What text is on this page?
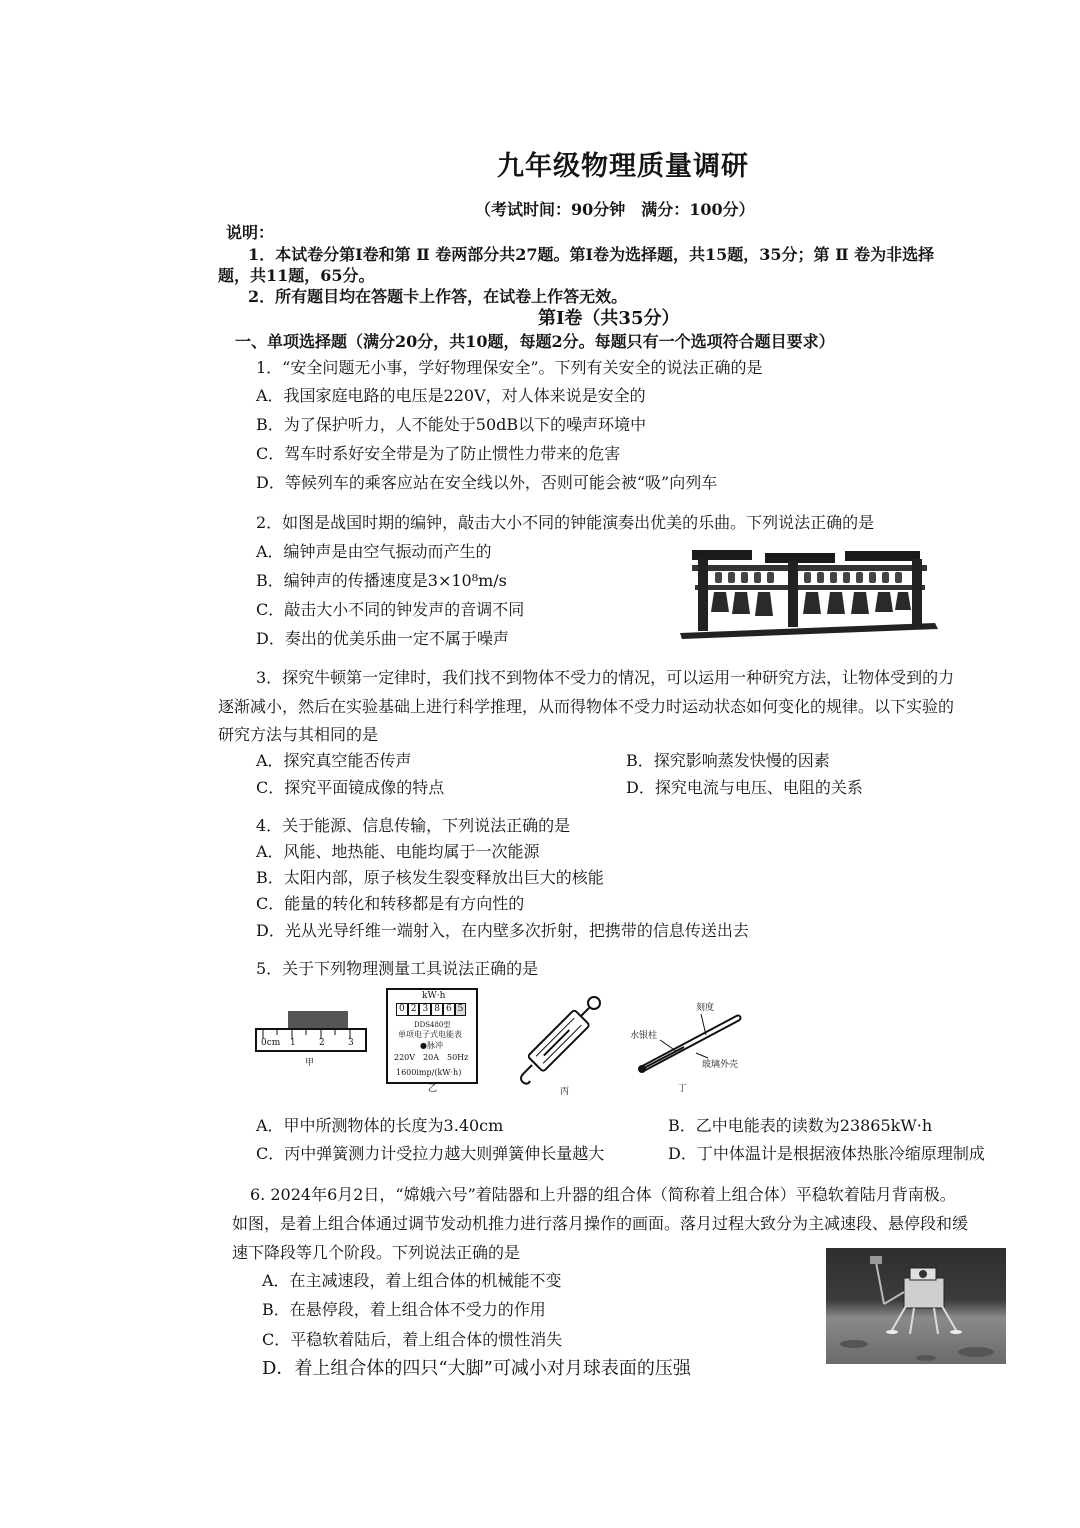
九年级物理质量调研
（考试时间：90分钟　满分：100分）
说明：
1．本试卷分第Ⅰ卷和第 Ⅱ 卷两部分共27题。第Ⅰ卷为选择题，共15题，35分；第 Ⅱ 卷为非选择
题，共11题，65分。
2．所有题目均在答题卡上作答，在试卷上作答无效。
第Ⅰ卷（共35分）
一、单项选择题（满分20分，共10题，每题2分。每题只有一个选项符合题目要求）
1．“安全问题无小事，学好物理保安全”。下列有关安全的说法正确的是
A．我国家庭电路的电压是220V，对人体来说是安全的
B．为了保护听力，人不能处于50dB以下的噪声环境中
C．驾车时系好安全带是为了防止惯性力带来的危害
D．等候列车的乘客应站在安全线以外，否则可能会被“吸”向列车
2．如图是战国时期的编钟，敲击大小不同的钟能演奏出优美的乐曲。下列说法正确的是
A．编钟声是由空气振动而产生的
B．编钟声的传播速度是3×10⁸m/s
C．敲击大小不同的钟发声的音调不同
D．奏出的优美乐曲一定不属于噪声
3．探究牛顿第一定律时，我们找不到物体不受力的情况，可以运用一种研究方法，让物体受到的力
逐渐减小，然后在实验基础上进行科学推理，从而得物体不受力时运动状态如何变化的规律。以下实验的
研究方法与其相同的是
A．探究真空能否传声	B．探究影响蒸发快慢的因素
C．探究平面镜成像的特点	D．探究电流与电压、电阻的关系
4．关于能源、信息传输，下列说法正确的是
A．风能、地热能、电能均属于一次能源
B．太阳内部，原子核发生裂变释放出巨大的核能
C．能量的转化和转移都是有方向性的
D．光从光导纤维一端射入，在内壁多次折射，把携带的信息传送出去
5．关于下列物理测量工具说法正确的是
0cm 1	2	3
甲
kW·h
0 2 3 8 6 5
DDS480型
单项电子式电能表
●脉冲
220V　20A　50Hz
1600imp/(kW·h)
乙	丙
刻度
水银柱
玻璃外壳
丁
A．甲中所测物体的长度为3.40cm	B．乙中电能表的读数为23865kW·h
C．丙中弹簧测力计受拉力越大则弹簧伸长量越大	D．丁中体温计是根据液体热胀冷缩原理制成
6. 2024年6月2日，“嫦娥六号”着陆器和上升器的组合体（简称着上组合体）平稳软着陆月背南极。
如图，是着上组合体通过调节发动机推力进行落月操作的画面。落月过程大致分为主减速段、悬停段和缓
速下降段等几个阶段。下列说法正确的是
A．在主减速段，着上组合体的机械能不变
B．在悬停段，着上组合体不受力的作用
C．平稳软着陆后，着上组合体的惯性消失
D．着上组合体的四只“大脚”可减小对月球表面的压强
